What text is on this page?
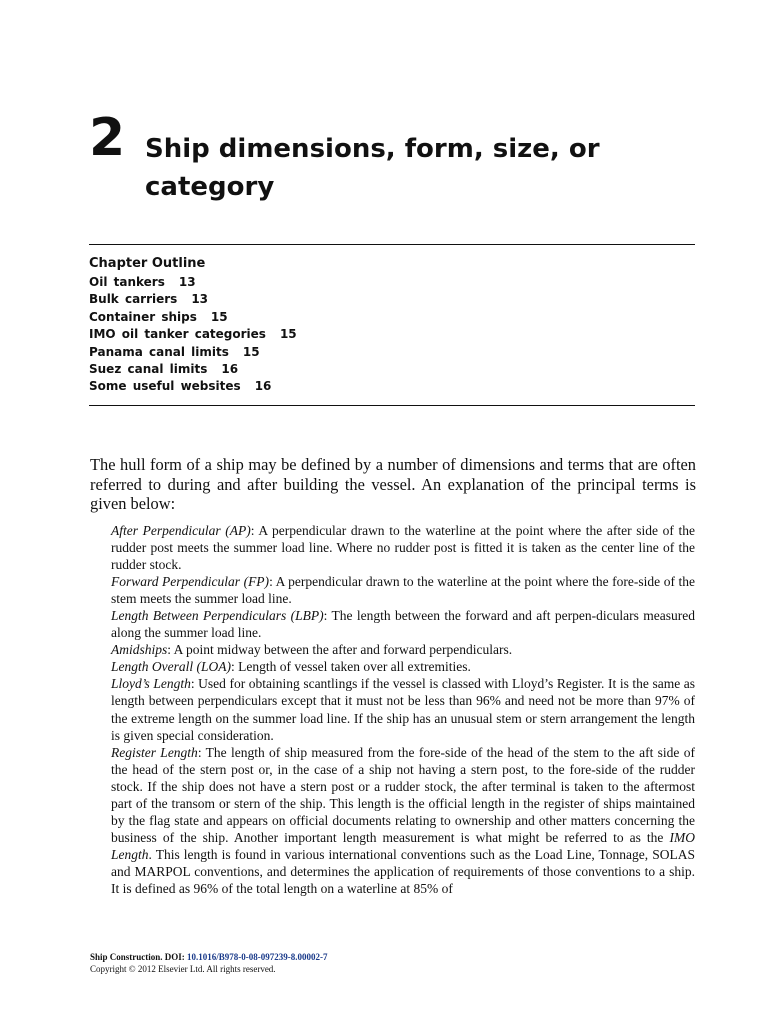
2 Ship dimensions, form, size, or category
Chapter Outline
Oil tankers 13
Bulk carriers 13
Container ships 15
IMO oil tanker categories 15
Panama canal limits 15
Suez canal limits 16
Some useful websites 16
The hull form of a ship may be defined by a number of dimensions and terms that are often referred to during and after building the vessel. An explanation of the principal terms is given below:

After Perpendicular (AP): A perpendicular drawn to the waterline at the point where the after side of the rudder post meets the summer load line. Where no rudder post is fitted it is taken as the center line of the rudder stock.

Forward Perpendicular (FP): A perpendicular drawn to the waterline at the point where the fore-side of the stem meets the summer load line.

Length Between Perpendiculars (LBP): The length between the forward and aft perpen-diculars measured along the summer load line.

Amidships: A point midway between the after and forward perpendiculars.

Length Overall (LOA): Length of vessel taken over all extremities.

Lloyd’s Length: Used for obtaining scantlings if the vessel is classed with Lloyd’s Register. It is the same as length between perpendiculars except that it must not be less than 96% and need not be more than 97% of the extreme length on the summer load line. If the ship has an unusual stem or stern arrangement the length is given special consideration.

Register Length: The length of ship measured from the fore-side of the head of the stem to the aft side of the head of the stern post or, in the case of a ship not having a stern post, to the fore-side of the rudder stock. If the ship does not have a stern post or a rudder stock, the after terminal is taken to the aftermost part of the transom or stern of the ship. This length is the official length in the register of ships maintained by the flag state and appears on official documents relating to ownership and other matters concerning the business of the ship. Another important length measurement is what might be referred to as the IMO Length. This length is found in various international conventions such as the Load Line, Tonnage, SOLAS and MARPOL conventions, and determines the application of requirements of those conventions to a ship. It is defined as 96% of the total length on a waterline at 85% of

Ship Construction. DOI: 10.1016/B978-0-08-097239-8.00002-7
Copyright © 2012 Elsevier Ltd. All rights reserved.
